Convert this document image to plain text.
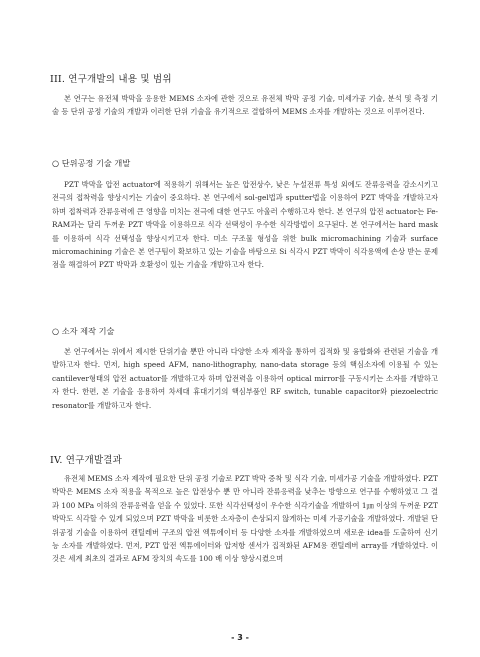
III. 연구개발의 내용 및 범위

본 연구는 유전체 박막을 응용한 MEMS 소자에 관한 것으로 유전체 박막 공정 기술, 미세가공 기술, 분석 및 측정 기술 등 단위 공정 기술의 개발과 이러한 단위 기술을 유기적으로 결합하여 MEMS 소자를 개발하는 것으로 이루어진다.

○ 단위공정 기술 개발

PZT 박막을 압전 actuator에 적용하기 위해서는 높은 압전상수, 낮은 누설전류 특성 외에도 잔류응력을 감소시키고 전극의 접착력을 향상시키는 기술이 중요하다. 본 연구에서 sol-gel법과 sputter법을 이용하여 PZT 박막을 개발하고자 하며 접착력과 잔류응력에 큰 영향을 미치는 전극에 대한 연구도 아울러 수행하고자 한다. 본 연구의 압전 actuator는 Fe-RAM과는 달리 두꺼운 PZT 박막을 이용하므로 식각 선택성이 우수한 식각방법이 요구된다. 본 연구에서는 hard mask를 이용하여 식각 선택성을 향상시키고자 한다. 미소 구조물 형성을 위한 bulk micromachining 기술과 surface micromachining 기술은 본 연구팀이 확보하고 있는 기술을 바탕으로 Si 식각시 PZT 박막이 식각용액에 손상 받는 문제점을 해결하여 PZT 박막과 호환성이 있는 기술을 개발하고자 한다.

○ 소자 제작 기술

본 연구에서는 위에서 제시한 단위기술 뿐만 아니라 다양한 소자 제작을 통하여 집적화 및 융합화와 관련된 기술을 개발하고자 한다. 먼저, high speed AFM, nano-lithography, nano-data storage 등의 핵심소자에 이용될 수 있는 cantilever형태의 압전 actuator를 개발하고자 하며 압전력을 이용하여 optical mirror를 구동시키는 소자를 개발하고자 한다. 한편, 본 기술을 응용하여 차세대 휴대기기의 핵심부품인 RF switch, tunable capacitor와 piezoelectric resonator를 개발하고자 한다.

IV. 연구개발결과

유전체 MEMS 소자 제작에 필요한 단위 공정 기술로 PZT 박막 증착 및 식각 기술, 미세가공 기술을 개발하였다. PZT 박막은 MEMS 소자 적용을 목적으로 높은 압전상수 뿐 만 아니라 잔류응력을 낮추는 방향으로 연구를 수행하였고 그 결과 100 MPa 이하의 잔류응력을 얻을 수 있었다. 또한 식각선택성이 우수한 식각기술을 개발하여 1㎛ 이상의 두꺼운 PZT 박막도 식각할 수 있게 되었으며 PZT 박막을 비롯한 소자층이 손상되지 않게하는 미세 가공기술을 개발하였다. 개발된 단위공정 기술을 이용하여 캔틸레버 구조의 압전 엑튜에이터 등 다양한 소자를 개발하였으며 새로운 idea를 도출하여 신기능 소자를 개발하였다. 먼저, PZT 압전 엑튜에이터와 압저항 센서가 집적화된 AFM용 캔틸레버 array를 개발하였다. 이것은 세계 최초의 결과로 AFM 장치의 속도를 100 배 이상 향상시켰으며

- 3 -
